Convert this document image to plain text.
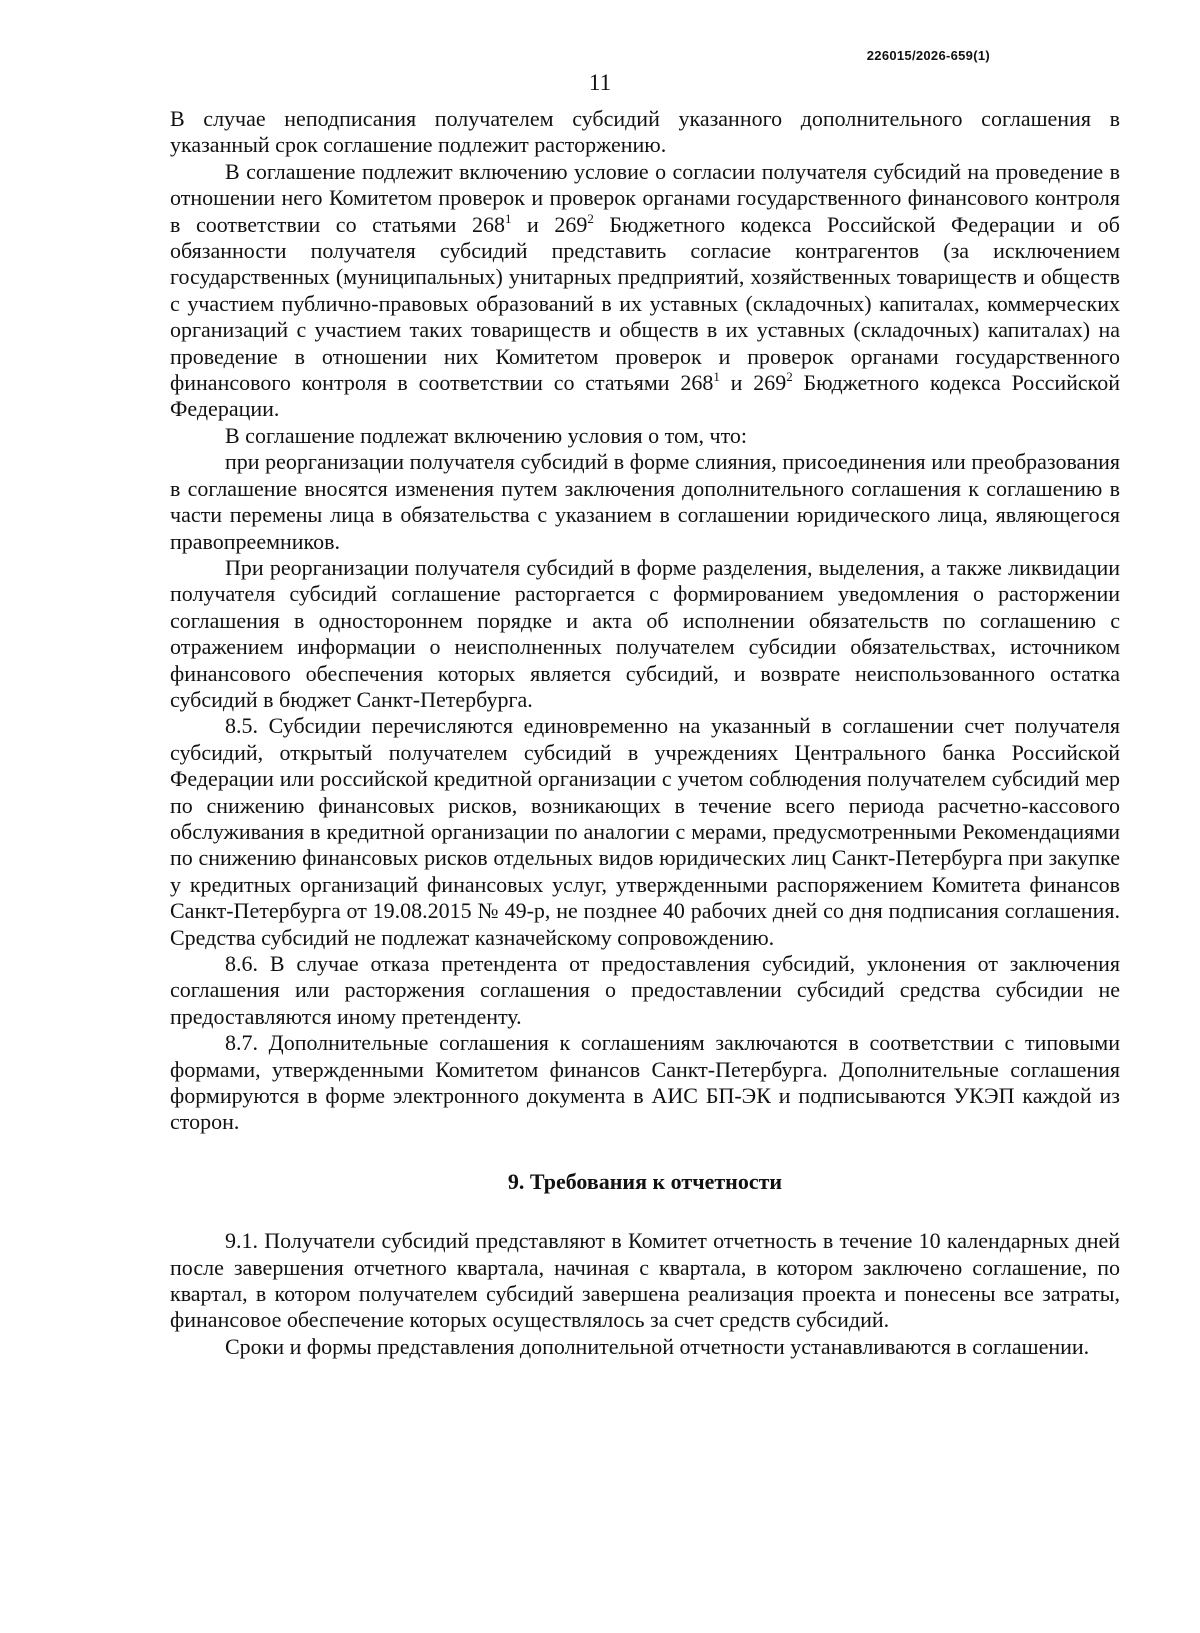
226015/2026-659(1)
11

В случае неподписания получателем субсидий указанного дополнительного соглашения в указанный срок соглашение подлежит расторжению.

В соглашение подлежит включению условие о согласии получателя субсидий на проведение в отношении него Комитетом проверок и проверок органами государственного финансового контроля в соответствии со статьями $268^1$ и $269^2$ Бюджетного кодекса Российской Федерации и об обязанности получателя субсидий представить согласие контрагентов (за исключением государственных (муниципальных) унитарных предприятий, хозяйственных товариществ и обществ с участием публично-правовых образований в их уставных (складочных) капиталах, коммерческих организаций с участием таких товариществ и обществ в их уставных (складочных) капиталах) на проведение в отношении них Комитетом проверок и проверок органами государственного финансового контроля в соответствии со статьями $268^1$ и $269^2$ Бюджетного кодекса Российской Федерации.

В соглашение подлежат включению условия о том, что:

при реорганизации получателя субсидий в форме слияния, присоединения или преобразования в соглашение вносятся изменения путем заключения дополнительного соглашения к соглашению в части перемены лица в обязательства с указанием в соглашении юридического лица, являющегося правопреемников.

При реорганизации получателя субсидий в форме разделения, выделения, а также ликвидации получателя субсидий соглашение расторгается с формированием уведомления о расторжении соглашения в одностороннем порядке и акта об исполнении обязательств по соглашению с отражением информации о неисполненных получателем субсидии обязательствах, источником финансового обеспечения которых является субсидий, и возврате неиспользованного остатка субсидий в бюджет Санкт-Петербурга.

8.5. Субсидии перечисляются единовременно на указанный в соглашении счет получателя субсидий, открытый получателем субсидий в учреждениях Центрального банка Российской Федерации или российской кредитной организации с учетом соблюдения получателем субсидий мер по снижению финансовых рисков, возникающих в течение всего периода расчетно-кассового обслуживания в кредитной организации по аналогии с мерами, предусмотренными Рекомендациями по снижению финансовых рисков отдельных видов юридических лиц Санкт-Петербурга при закупке у кредитных организаций финансовых услуг, утвержденными распоряжением Комитета финансов Санкт-Петербурга от 19.08.2015 № 49-р, не позднее 40 рабочих дней со дня подписания соглашения. Средства субсидий не подлежат казначейскому сопровождению.

8.6. В случае отказа претендента от предоставления субсидий, уклонения от заключения соглашения или расторжения соглашения о предоставлении субсидий средства субсидии не предоставляются иному претенденту.

8.7. Дополнительные соглашения к соглашениям заключаются в соответствии с типовыми формами, утвержденными Комитетом финансов Санкт-Петербурга. Дополнительные соглашения формируются в форме электронного документа в АИС БП-ЭК и подписываются УКЭП каждой из сторон.

9. Требования к отчетности

9.1. Получатели субсидий представляют в Комитет отчетность в течение 10 календарных дней после завершения отчетного квартала, начиная с квартала, в котором заключено соглашение, по квартал, в котором получателем субсидий завершена реализация проекта и понесены все затраты, финансовое обеспечение которых осуществлялось за счет средств субсидий.

Сроки и формы представления дополнительной отчетности устанавливаются в соглашении.
